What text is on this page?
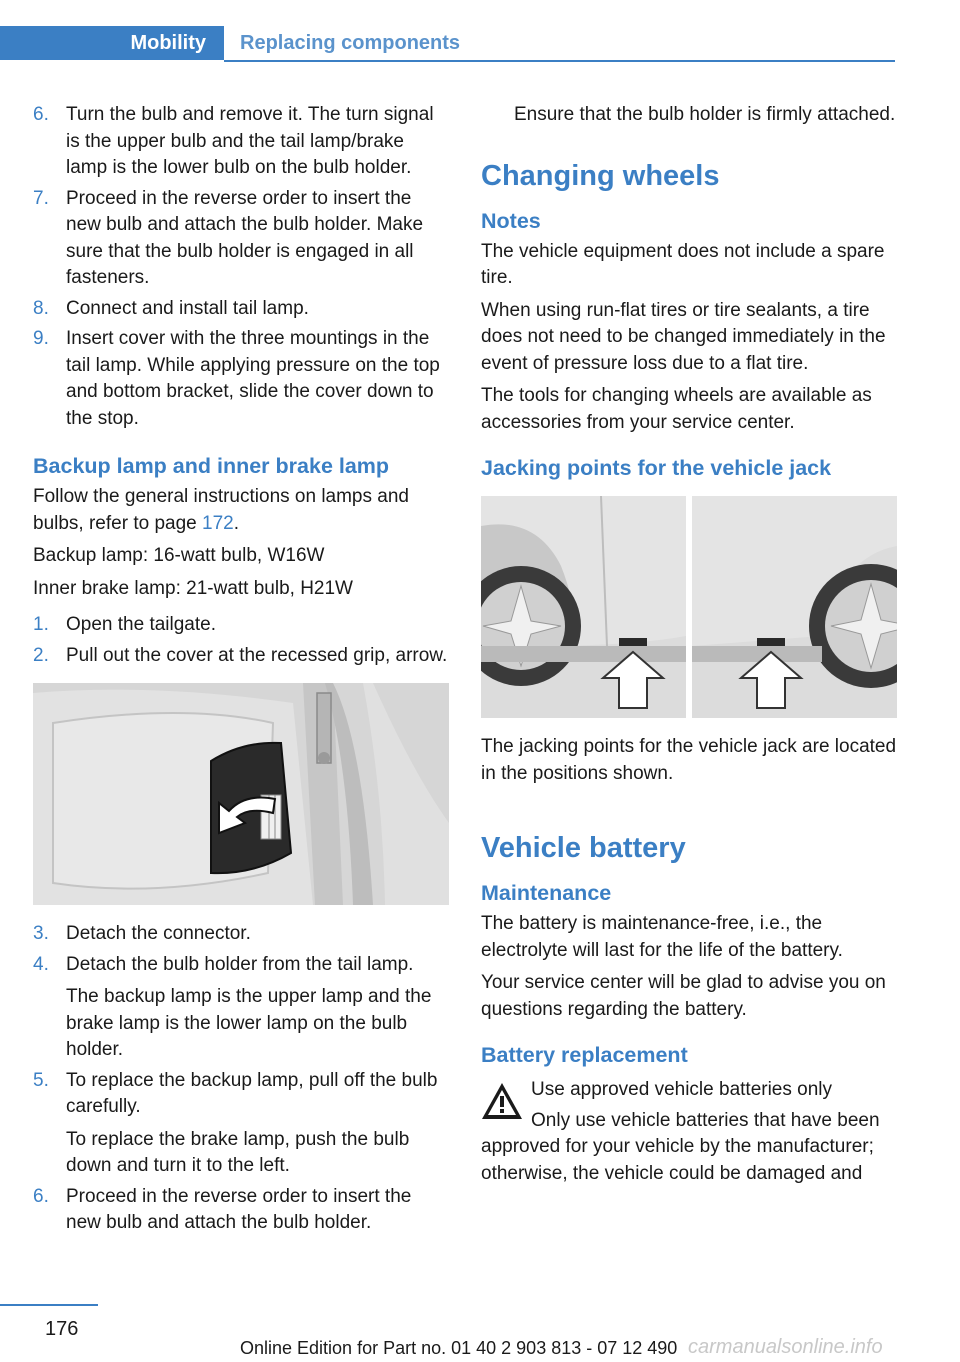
Mobility Replacing components
6. Turn the bulb and remove it. The turn signal is the upper bulb and the tail lamp/brake lamp is the lower bulb on the bulb holder.

7. Proceed in the reverse order to insert the new bulb and attach the bulb holder. Make sure that the bulb holder is engaged in all fasteners.

8. Connect and install tail lamp.

9. Insert cover with the three mountings in the tail lamp. While applying pressure on the top and bottom bracket, slide the cover down to the stop.

Backup lamp and inner brake lamp

Follow the general instructions on lamps and bulbs, refer to page 172.

Backup lamp: 16-watt bulb, W16W

Inner brake lamp: 21-watt bulb, H21W

1. Open the tailgate.

2. Pull out the cover at the recessed grip, arrow.

3. Detach the connector.

4. Detach the bulb holder from the tail lamp.

The backup lamp is the upper lamp and the brake lamp is the lower lamp on the bulb holder.

5. To replace the backup lamp, pull off the bulb carefully.

To replace the brake lamp, push the bulb down and turn it to the left.

6. Proceed in the reverse order to insert the new bulb and attach the bulb holder.

Ensure that the bulb holder is firmly attached.

Changing wheels
Notes

The vehicle equipment does not include a spare tire.

When using run-flat tires or tire sealants, a tire does not need to be changed immediately in the event of pressure loss due to a flat tire.

The tools for changing wheels are available as accessories from your service center.

Jacking points for the vehicle jack

The jacking points for the vehicle jack are located in the positions shown.

Vehicle battery
Maintenance

The battery is maintenance-free, i.e., the electrolyte will last for the life of the battery.

Your service center will be glad to advise you on questions regarding the battery.

Battery replacement

Use approved vehicle batteries only

Only use vehicle batteries that have been

approved for your vehicle by the manufacturer; otherwise, the vehicle could be damaged and

176
Online Edition for Part no. 01 40 2 903 813 - 07 12 490 carmanualsonline.info
